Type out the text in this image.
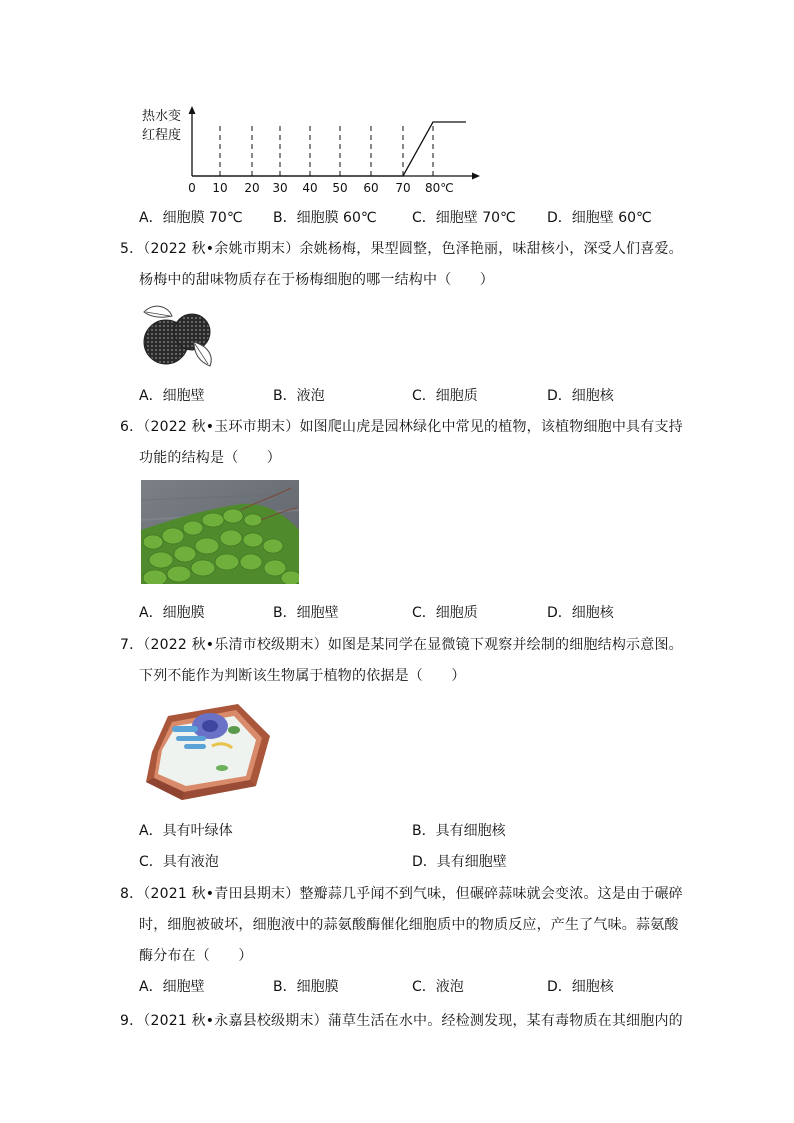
热水变
红程度
0 10 20 30 40 50 60 70 80℃
A．细胞膜 70℃ B．细胞膜 60℃	C．细胞壁 70℃ D．细胞壁 60℃
5．（2022 秋•余姚市期末）余姚杨梅，果型圆整，色泽艳丽，味甜核小，深受人们喜爱。
杨梅中的甜味物质存在于杨梅细胞的哪一结构中（　　）
A．细胞壁	B．液泡	C．细胞质	D．细胞核
6．（2022 秋•玉环市期末）如图爬山虎是园林绿化中常见的植物，该植物细胞中具有支持
功能的结构是（　　）
A．细胞膜	B．细胞壁	C．细胞质	D．细胞核
7．（2022 秋•乐清市校级期末）如图是某同学在显微镜下观察并绘制的细胞结构示意图。
下列不能作为判断该生物属于植物的依据是（　　）
A．具有叶绿体	B．具有细胞核
C．具有液泡	D．具有细胞壁
8．（2021 秋•青田县期末）整瓣蒜几乎闻不到气味，但碾碎蒜味就会变浓。这是由于碾碎
时，细胞被破坏，细胞液中的蒜氨酸酶催化细胞质中的物质反应，产生了气味。蒜氨酸
酶分布在（　　）
A．细胞壁	B．细胞膜	C．液泡	D．细胞核
9．（2021 秋•永嘉县校级期末）蒲草生活在水中。经检测发现，某有毒物质在其细胞内的
